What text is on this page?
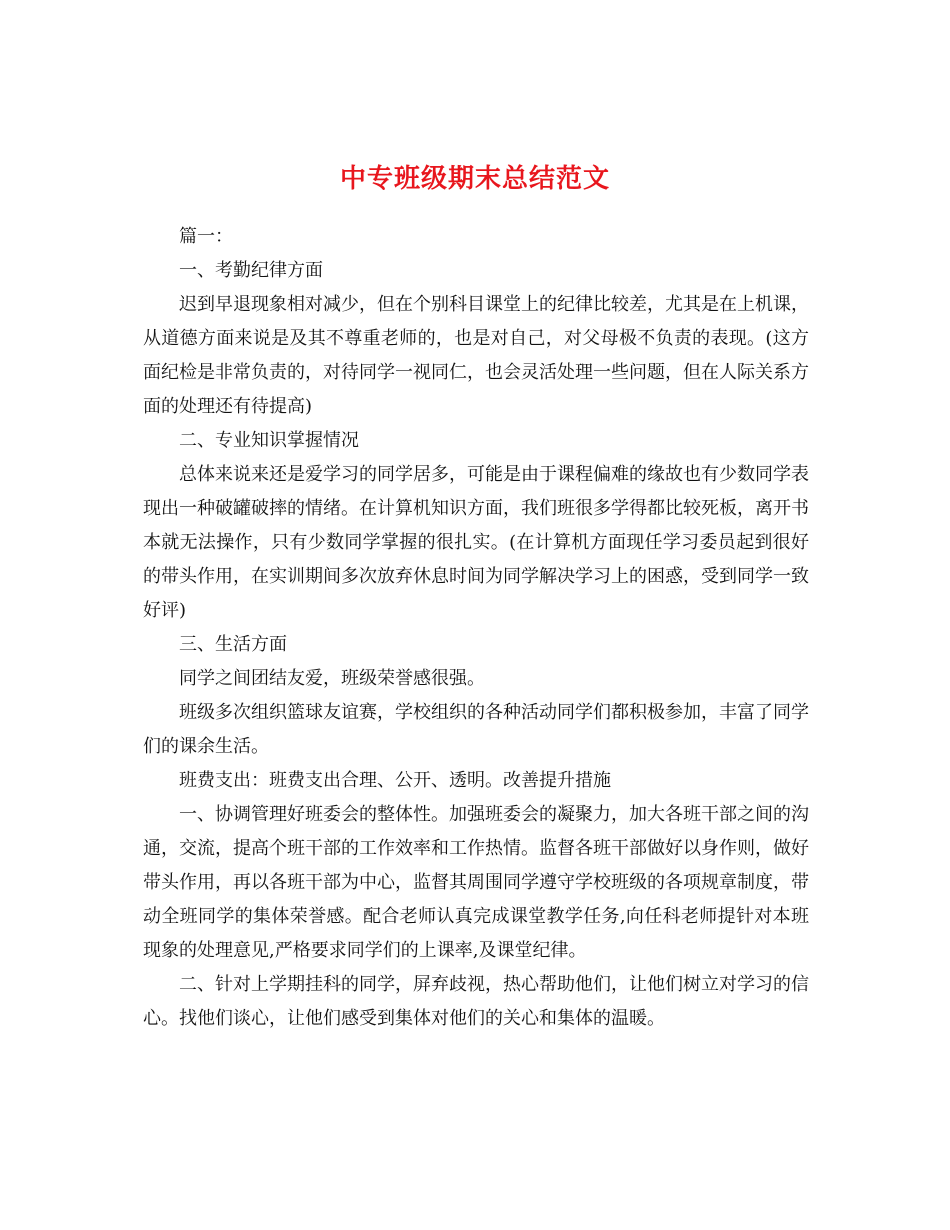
中专班级期末总结范文

篇一：

一、考勤纪律方面

迟到早退现象相对减少，但在个别科目课堂上的纪律比较差，尤其是在上机课，从道德方面来说是及其不尊重老师的，也是对自己，对父母极不负责的表现。(这方面纪检是非常负责的，对待同学一视同仁，也会灵活处理一些问题，但在人际关系方面的处理还有待提高)

二、专业知识掌握情况

总体来说来还是爱学习的同学居多，可能是由于课程偏难的缘故也有少数同学表现出一种破罐破摔的情绪。在计算机知识方面，我们班很多学得都比较死板，离开书本就无法操作，只有少数同学掌握的很扎实。(在计算机方面现任学习委员起到很好的带头作用，在实训期间多次放弃休息时间为同学解决学习上的困惑，受到同学一致好评)

三、生活方面

同学之间团结友爱，班级荣誉感很强。

班级多次组织篮球友谊赛，学校组织的各种活动同学们都积极参加，丰富了同学们的课余生活。

班费支出：班费支出合理、公开、透明。改善提升措施

一、协调管理好班委会的整体性。加强班委会的凝聚力，加大各班干部之间的沟通，交流，提高个班干部的工作效率和工作热情。监督各班干部做好以身作则，做好带头作用，再以各班干部为中心，监督其周围同学遵守学校班级的各项规章制度，带动全班同学的集体荣誉感。配合老师认真完成课堂教学任务,向任科老师提针对本班现象的处理意见,严格要求同学们的上课率,及课堂纪律。

二、针对上学期挂科的同学，屏弃歧视，热心帮助他们，让他们树立对学习的信心。找他们谈心，让他们感受到集体对他们的关心和集体的温暖。
